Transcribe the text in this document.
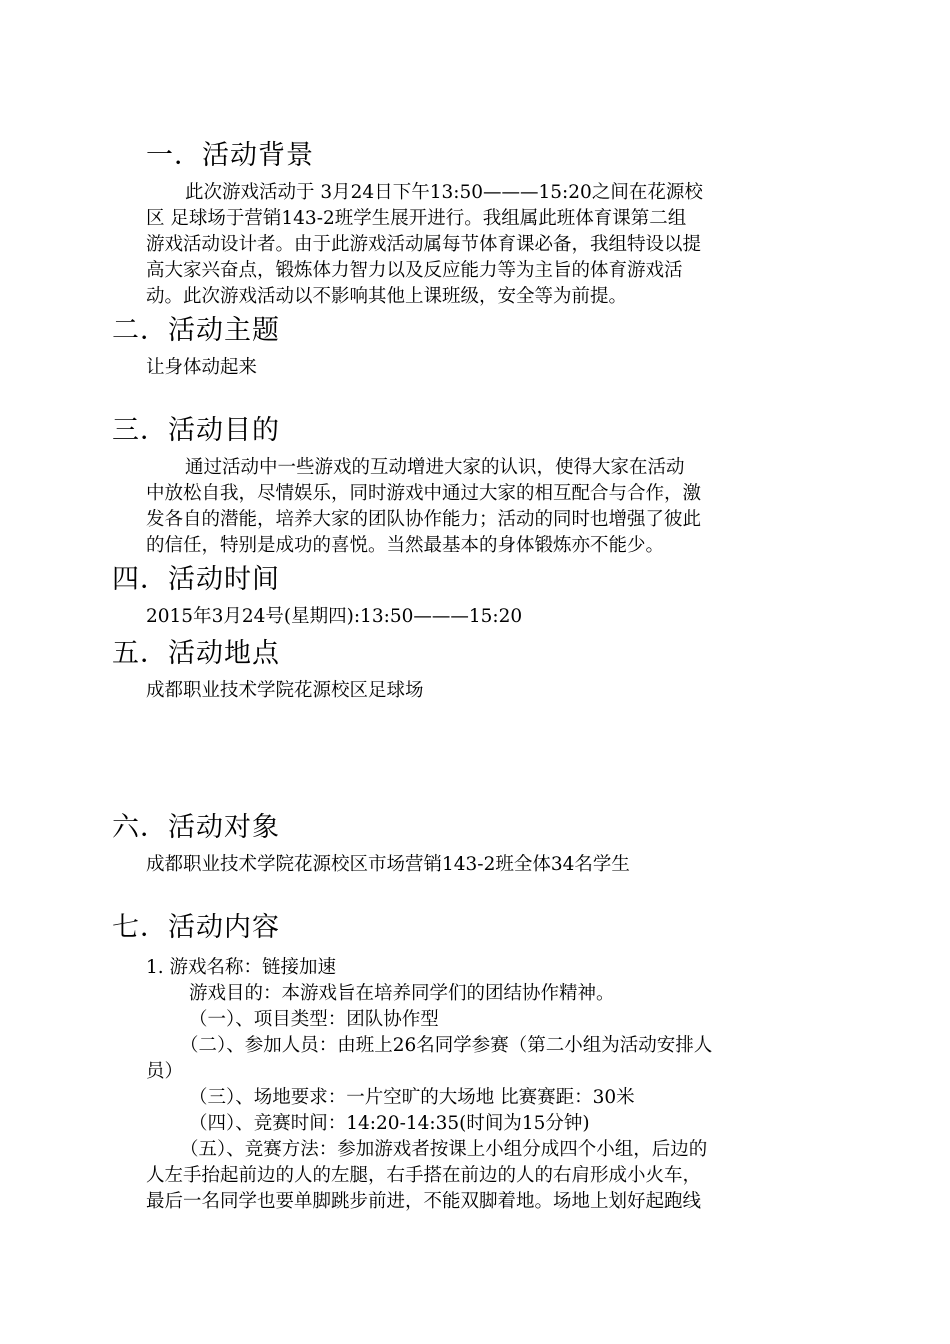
一．活动背景
此次游戏活动于 3月24日下午13:50———15:20之间在花源校
区 足球场于营销143-2班学生展开进行。我组属此班体育课第二组
游戏活动设计者。由于此游戏活动属每节体育课必备，我组特设以提
高大家兴奋点，锻炼体力智力以及反应能力等为主旨的体育游戏活
动。此次游戏活动以不影响其他上课班级，安全等为前提。
二．活动主题
让身体动起来
三．活动目的
通过活动中一些游戏的互动增进大家的认识，使得大家在活动
中放松自我，尽情娱乐，同时游戏中通过大家的相互配合与合作，激
发各自的潜能，培养大家的团队协作能力；活动的同时也增强了彼此
的信任，特别是成功的喜悦。当然最基本的身体锻炼亦不能少。
四．活动时间
2015年3月24号(星期四):13:50———15:20
五．活动地点
成都职业技术学院花源校区足球场
六．活动对象
成都职业技术学院花源校区市场营销143-2班全体34名学生
七．活动内容
1. 游戏名称：链接加速
游戏目的：本游戏旨在培养同学们的团结协作精神。
（一）、项目类型：团队协作型
（二）、参加人员：由班上26名同学参赛（第二小组为活动安排人
员）
（三）、场地要求：一片空旷的大场地 比赛赛距：30米
（四）、竞赛时间：14:20-14:35(时间为15分钟)
（五）、竞赛方法：参加游戏者按课上小组分成四个小组，后边的
人左手抬起前边的人的左腿，右手搭在前边的人的右肩形成小火车，
最后一名同学也要单脚跳步前进，不能双脚着地。场地上划好起跑线
